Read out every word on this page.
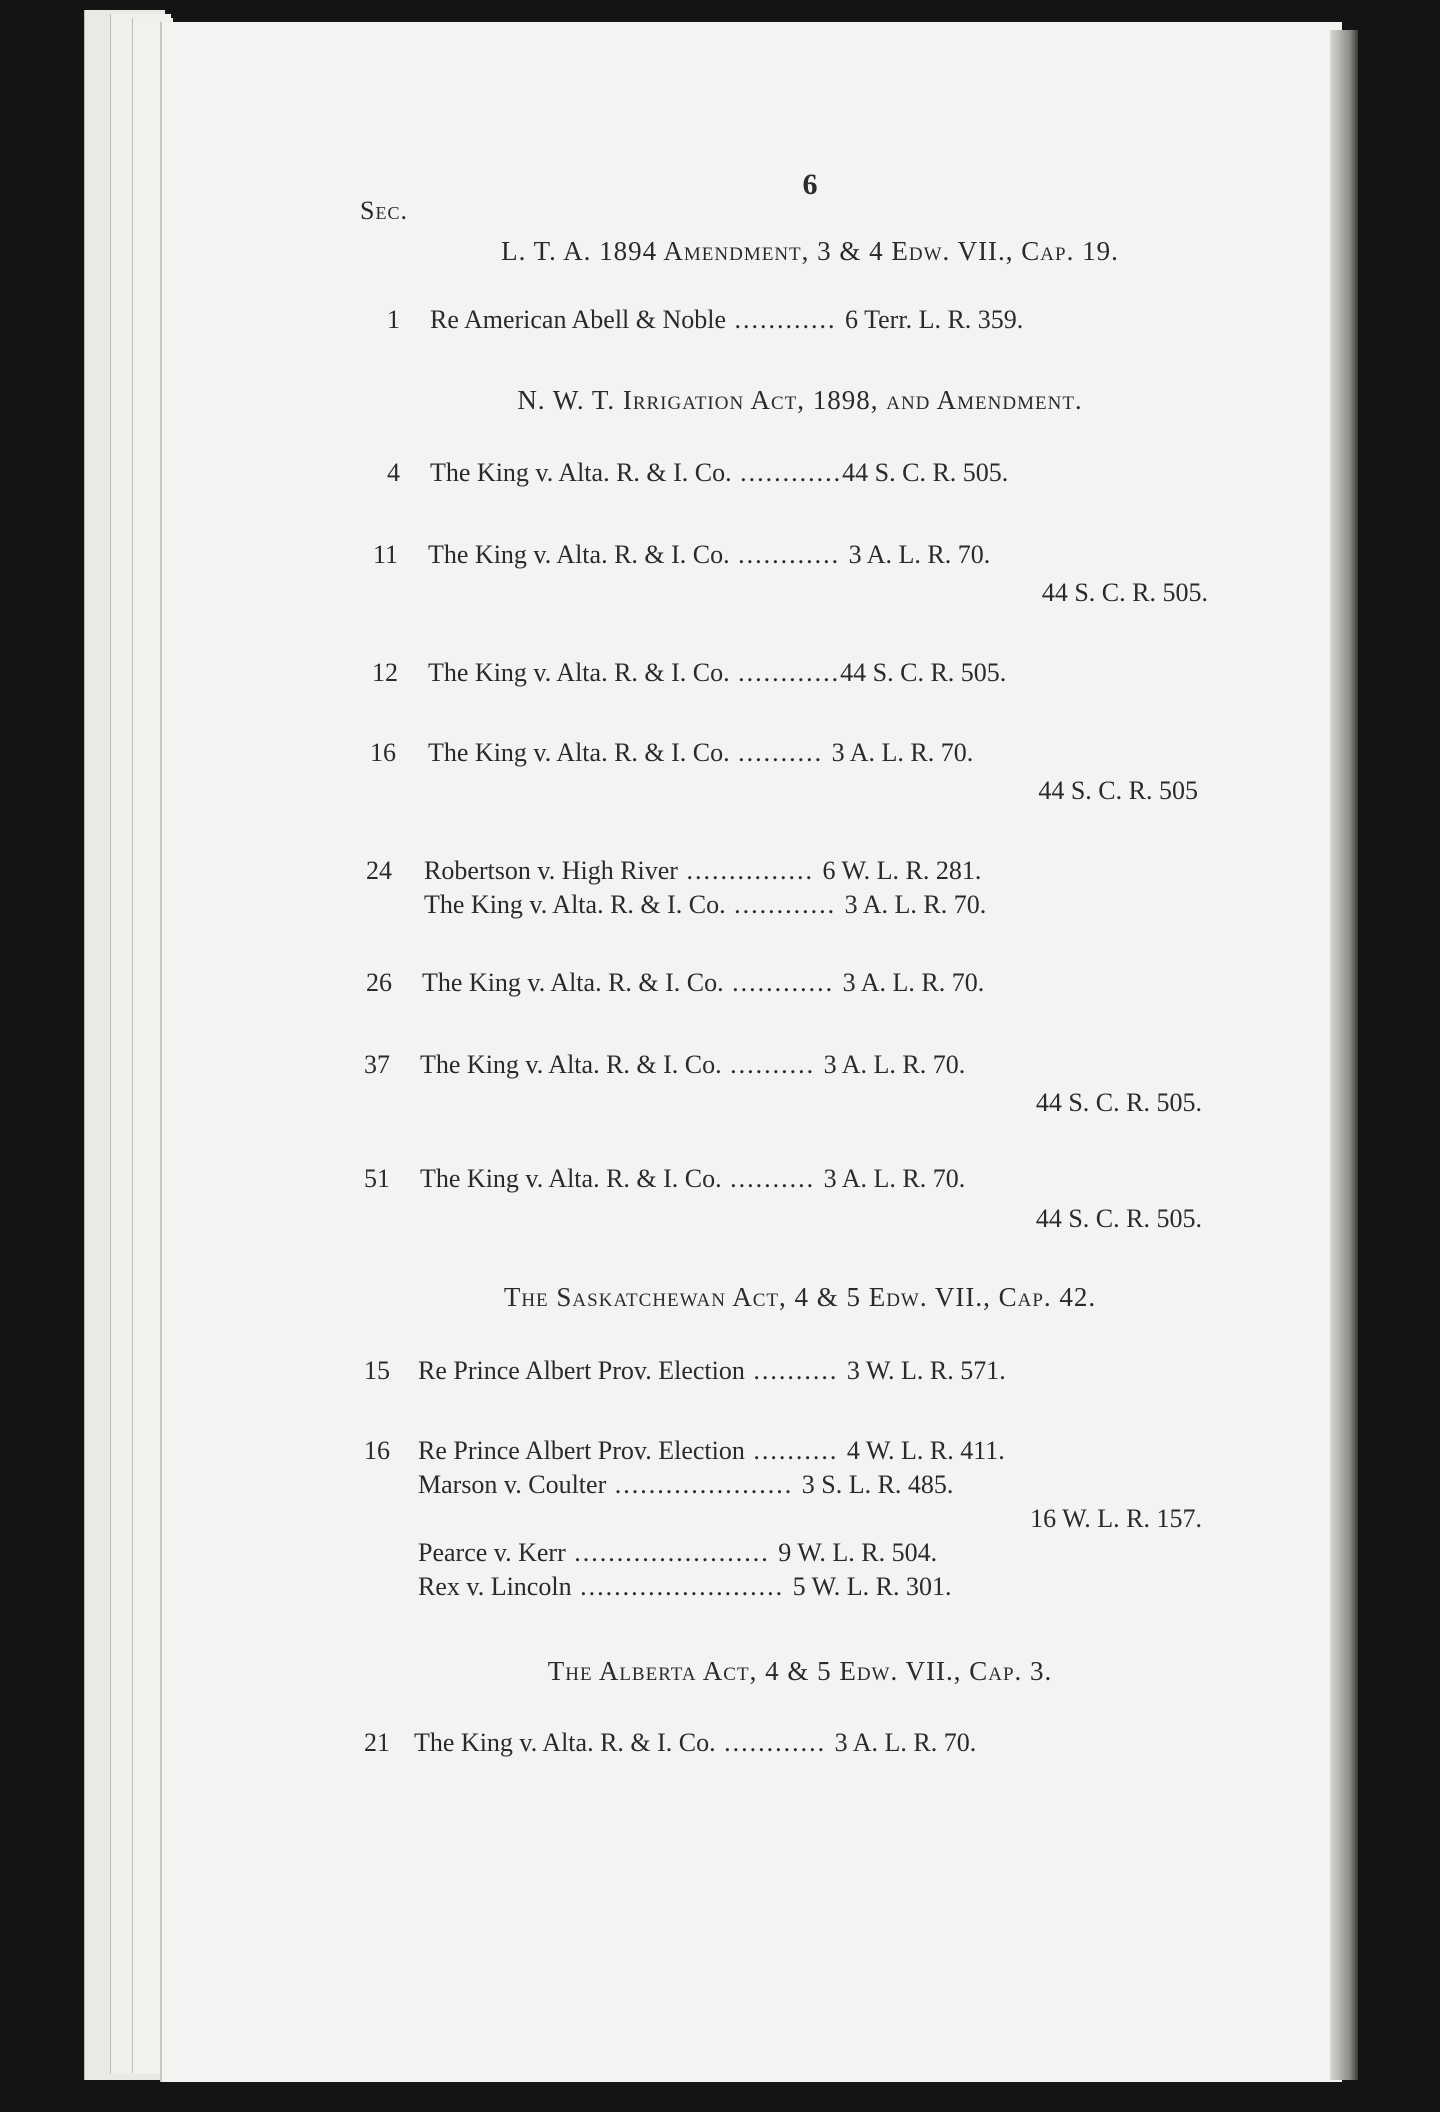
6
Sec.
L. T. A. 1894 Amendment, 3 & 4 Edw. VII., Cap. 19.
1 Re American Abell & Noble ............ 6 Terr. L. R. 359.
N. W. T. Irrigation Act, 1898, and Amendment.
4 The King v. Alta. R. & I. Co. ............44 S. C. R. 505.
11 The King v. Alta. R. & I. Co. ............ 3 A. L. R. 70.
44 S. C. R. 505.
12 The King v. Alta. R. & I. Co. ............44 S. C. R. 505.
16 The King v. Alta. R. & I. Co. .......... 3 A. L. R. 70.
44 S. C. R. 505
24 Robertson v. High River ............... 6 W. L. R. 281.
The King v. Alta. R. & I. Co. ............ 3 A. L. R. 70.
26 The King v. Alta. R. & I. Co. ............ 3 A. L. R. 70.
37 The King v. Alta. R. & I. Co. .......... 3 A. L. R. 70.
44 S. C. R. 505.
51 The King v. Alta. R. & I. Co. .......... 3 A. L. R. 70.
44 S. C. R. 505.
The Saskatchewan Act, 4 & 5 Edw. VII., Cap. 42.
15 Re Prince Albert Prov. Election .......... 3 W. L. R. 571.
16 Re Prince Albert Prov. Election .......... 4 W. L. R. 411.
Marson v. Coulter ..................... 3 S. L. R. 485.
16 W. L. R. 157.
Pearce v. Kerr ....................... 9 W. L. R. 504.
Rex v. Lincoln ........................ 5 W. L. R. 301.
The Alberta Act, 4 & 5 Edw. VII., Cap. 3.
21 The King v. Alta. R. & I. Co. ............ 3 A. L. R. 70.
